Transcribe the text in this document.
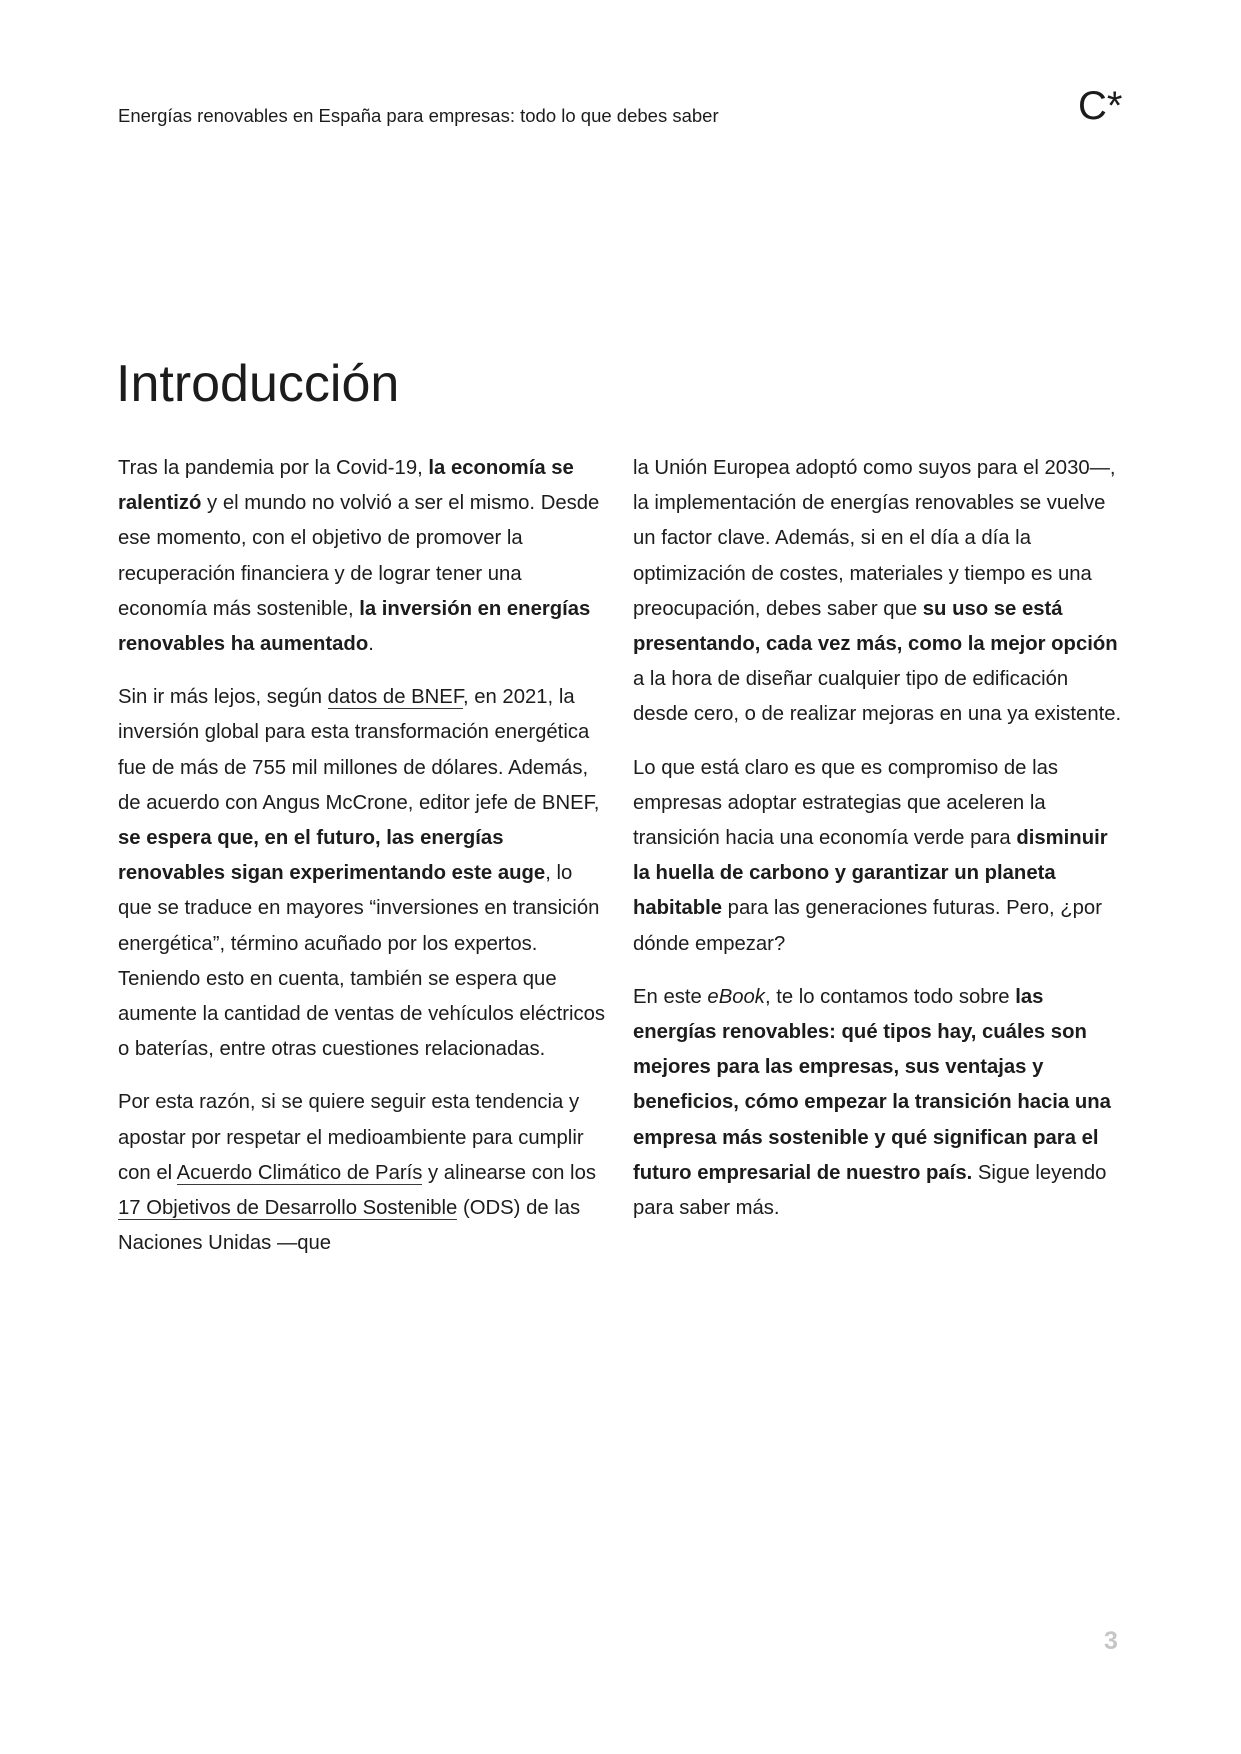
Energías renovables en España para empresas: todo lo que debes saber	C*
Introducción

Tras la pandemia por la Covid-19, la economía se ralentizó y el mundo no volvió a ser el mismo. Desde ese momento, con el objetivo de promover la recuperación financiera y de lograr tener una economía más sostenible, la inversión en energías renovables ha aumentado.

Sin ir más lejos, según datos de BNEF, en 2021, la inversión global para esta transformación energética fue de más de 755 mil millones de dólares. Además, de acuerdo con Angus McCrone, editor jefe de BNEF, se espera que, en el futuro, las energías renovables sigan experimentando este auge, lo que se traduce en mayores “inversiones en transición energética”, término acuñado por los expertos. Teniendo esto en cuenta, también se espera que aumente la cantidad de ventas de vehículos eléctricos o baterías, entre otras cuestiones relacionadas.

Por esta razón, si se quiere seguir esta tendencia y apostar por respetar el medioambiente para cumplir con el Acuerdo Climático de París y alinearse con los 17 Objetivos de Desarrollo Sostenible (ODS) de las Naciones Unidas —que

la Unión Europea adoptó como suyos para el 2030—, la implementación de energías renovables se vuelve un factor clave. Además, si en el día a día la optimización de costes, materiales y tiempo es una preocupación, debes saber que su uso se está presentando, cada vez más, como la mejor opción a la hora de diseñar cualquier tipo de edificación desde cero, o de realizar mejoras en una ya existente.

Lo que está claro es que es compromiso de las empresas adoptar estrategias que aceleren la transición hacia una economía verde para disminuir la huella de carbono y garantizar un planeta habitable para las generaciones futuras. Pero, ¿por dónde empezar?

En este eBook, te lo contamos todo sobre las energías renovables: qué tipos hay, cuáles son mejores para las empresas, sus ventajas y beneficios, cómo empezar la transición hacia una empresa más sostenible y qué significan para el futuro empresarial de nuestro país. Sigue leyendo para saber más.

3
